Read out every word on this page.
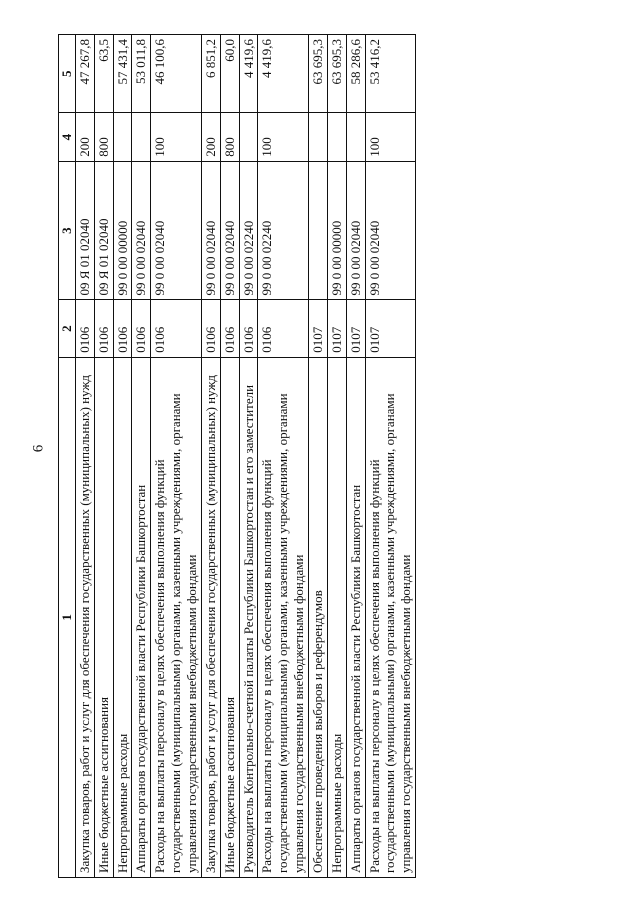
6
1	2	3	4	5
Закупка товаров, работ и услуг для обеспечения государственных (муниципальных) нужд	0106	09 Я 01 02040	200	47 267,8
Иные бюджетные ассигнования	0106	09 Я 01 02040	800	63,5
Непрограммные расходы	0106	99 0 00 00000		57 431,4
Аппараты органов государственной власти Республики Башкортостан	0106	99 0 00 02040		53 011,8
Расходы на выплаты персоналу в целях обеспечения выполнения функций государственными (муниципальными) органами, казенными учреждениями, органами управления государственными внебюджетными фондами	0106	99 0 00 02040	100	46 100,6
Закупка товаров, работ и услуг для обеспечения государственных (муниципальных) нужд	0106	99 0 00 02040	200	6 851,2
Иные бюджетные ассигнования	0106	99 0 00 02040	800	60,0
Руководитель Контрольно-счетной палаты Республики Башкортостан и его заместители	0106	99 0 00 02240		4 419,6
Расходы на выплаты персоналу в целях обеспечения выполнения функций государственными (муниципальными) органами, казенными учреждениями, органами управления государственными внебюджетными фондами	0106	99 0 00 02240	100	4 419,6
Обеспечение проведения выборов и референдумов	0107			63 695,3
Непрограммные расходы	0107	99 0 00 00000		63 695,3
Аппараты органов государственной власти Республики Башкортостан	0107	99 0 00 02040		58 286,6
Расходы на выплаты персоналу в целях обеспечения выполнения функций государственными (муниципальными) органами, казенными учреждениями, органами управления государственными внебюджетными фондами	0107	99 0 00 02040	100	53 416,2
